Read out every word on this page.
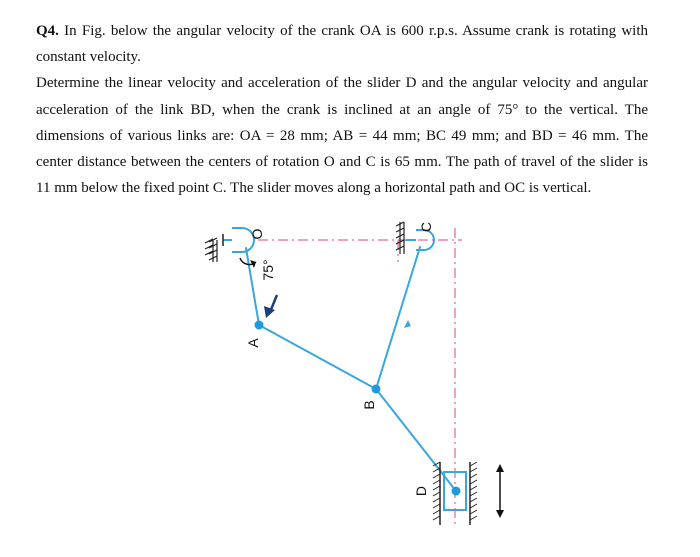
Q4. In Fig. below the angular velocity of the crank OA is 600 r.p.s. Assume crank is rotating with constant velocity.

Determine the linear velocity and acceleration of the slider D and the angular velocity and angular acceleration of the link BD, when the crank is inclined at an angle of 75° to the vertical. The dimensions of various links are: OA = 28 mm; AB = 44 mm; BC 49 mm; and BD = 46 mm. The center distance between the centers of rotation O and C is 65 mm. The path of travel of the slider is 11 mm below the fixed point C. The slider moves along a horizontal path and OC is vertical.

O
75°
A
B
C
D
